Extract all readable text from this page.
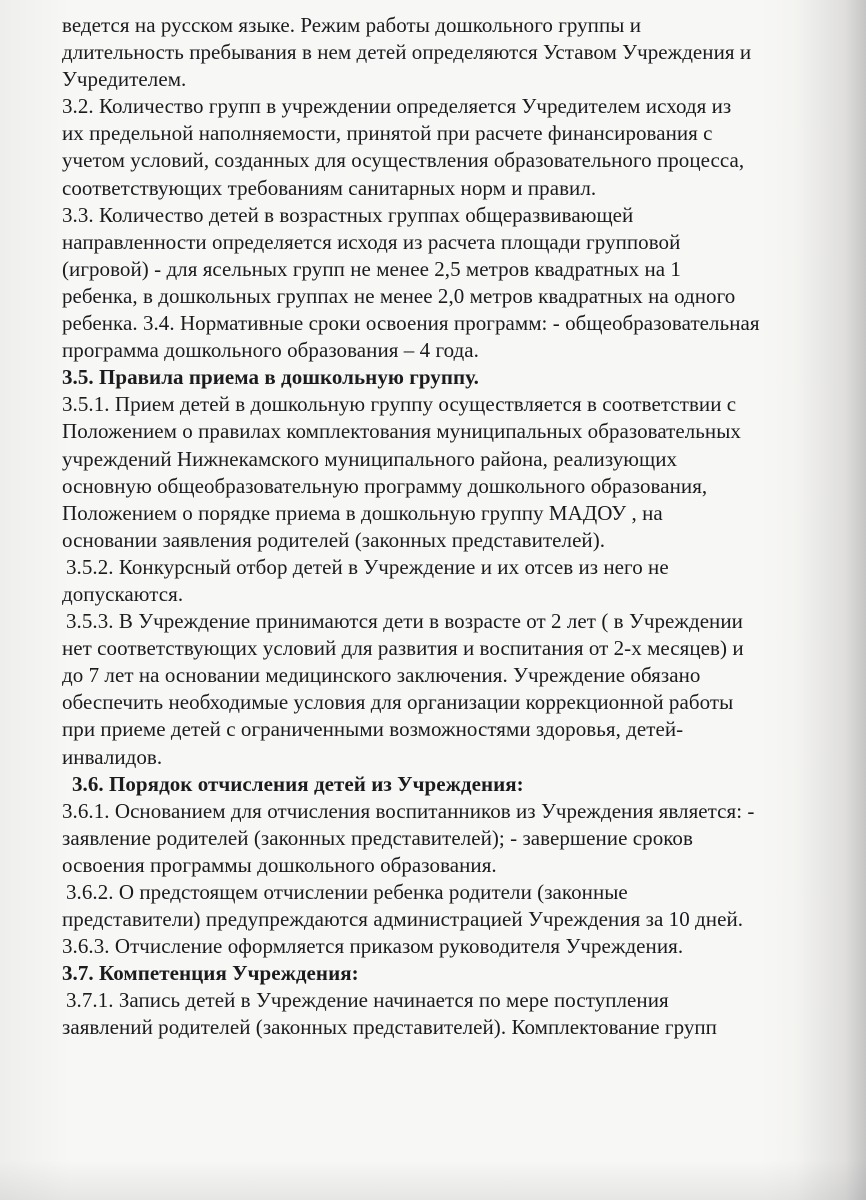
ведется на русском языке. Режим работы дошкольного группы и
длительность пребывания в нем детей определяются Уставом Учреждения и
Учредителем.
3.2. Количество групп в учреждении определяется Учредителем исходя из
их предельной наполняемости, принятой при расчете финансирования с
учетом условий, созданных для осуществления образовательного процесса,
соответствующих требованиям санитарных норм и правил.
3.3. Количество детей в возрастных группах общеразвивающей
направленности определяется исходя из расчета площади групповой
(игровой) - для ясельных групп не менее 2,5 метров квадратных на 1
ребенка, в дошкольных группах не менее 2,0 метров квадратных на одного
ребенка. 3.4. Нормативные сроки освоения программ: - общеобразовательная
программа дошкольного образования – 4 года.
3.5. Правила приема в дошкольную группу.
3.5.1. Прием детей в дошкольную группу осуществляется в соответствии с
Положением о правилах комплектования муниципальных образовательных
учреждений Нижнекамского муниципального района, реализующих
основную общеобразовательную программу дошкольного образования,
Положением о порядке приема в дошкольную группу МАДОУ , на
основании заявления родителей (законных представителей).
3.5.2. Конкурсный отбор детей в Учреждение и их отсев из него не
допускаются.
3.5.3. В Учреждение принимаются дети в возрасте от 2 лет ( в Учреждении
нет соответствующих условий для развития и воспитания от 2-х месяцев) и
до 7 лет на основании медицинского заключения. Учреждение обязано
обеспечить необходимые условия для организации коррекционной работы
при приеме детей с ограниченными возможностями здоровья, детей-
инвалидов.
3.6. Порядок отчисления детей из Учреждения:
3.6.1. Основанием для отчисления воспитанников из Учреждения является: -
заявление родителей (законных представителей); - завершение сроков
освоения программы дошкольного образования.
3.6.2. О предстоящем отчислении ребенка родители (законные
представители) предупреждаются администрацией Учреждения за 10 дней.
3.6.3. Отчисление оформляется приказом руководителя Учреждения.
3.7. Компетенция Учреждения:
3.7.1. Запись детей в Учреждение начинается по мере поступления
заявлений родителей (законных представителей). Комплектование групп
